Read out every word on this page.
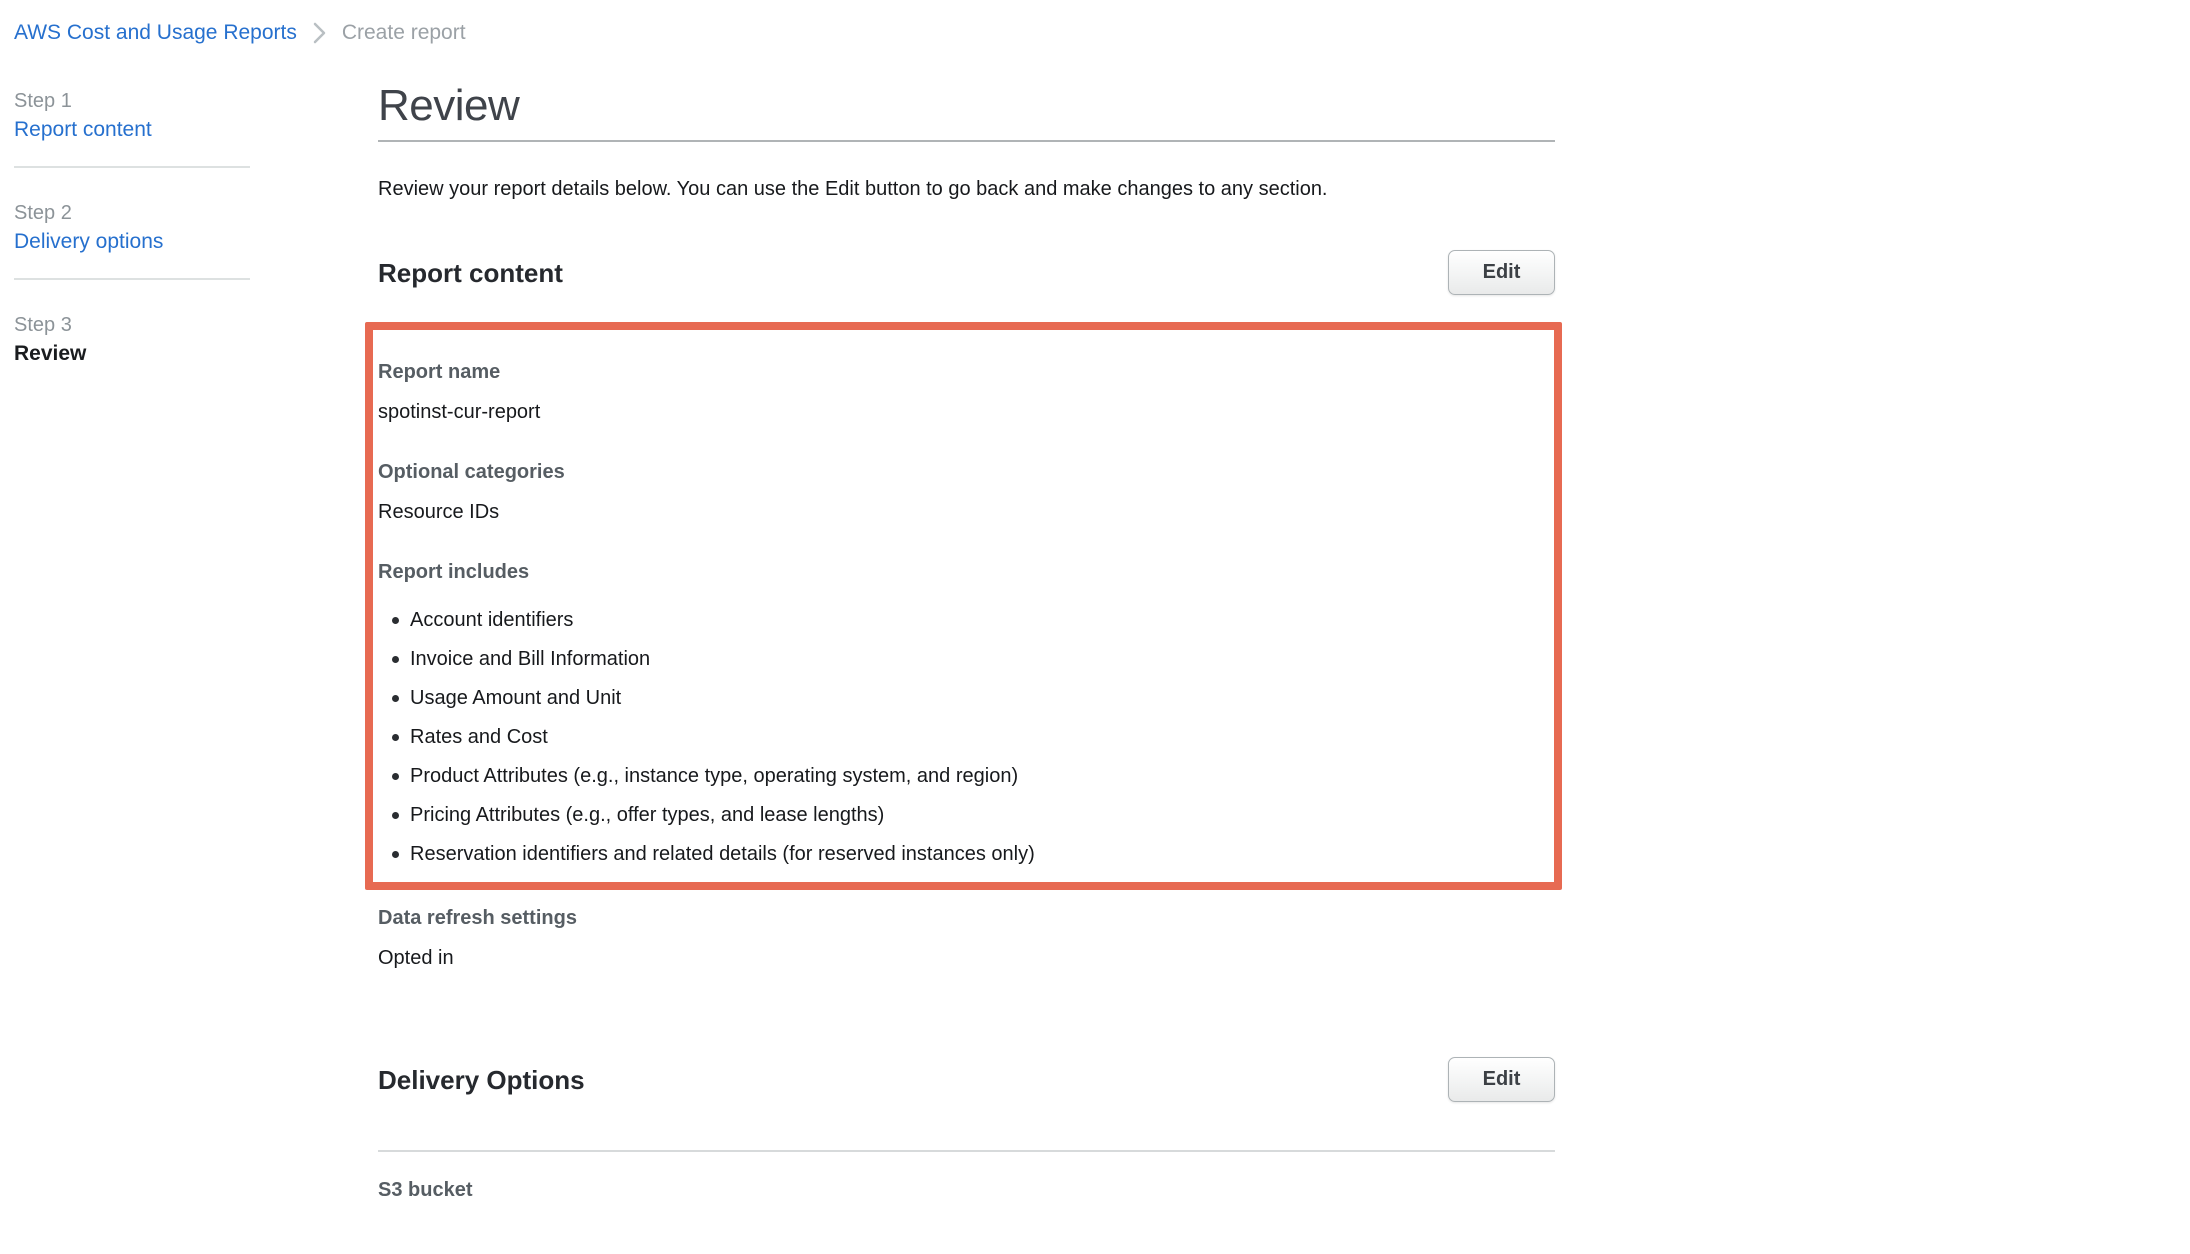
AWS Cost and Usage Reports Create report
Step 1
Report content
Step 2
Delivery options
Step 3
Review
Review

Review your report details below. You can use the Edit button to go back and make changes to any section.

Report content	Edit
Report name
spotinst-cur-report
Optional categories
Resource IDs
Report includes
Account identifiers
Invoice and Bill Information
Usage Amount and Unit
Rates and Cost
Product Attributes (e.g., instance type, operating system, and region)
Pricing Attributes (e.g., offer types, and lease lengths)
Reservation identifiers and related details (for reserved instances only)
Data refresh settings
Opted in
Delivery Options	Edit
S3 bucket
